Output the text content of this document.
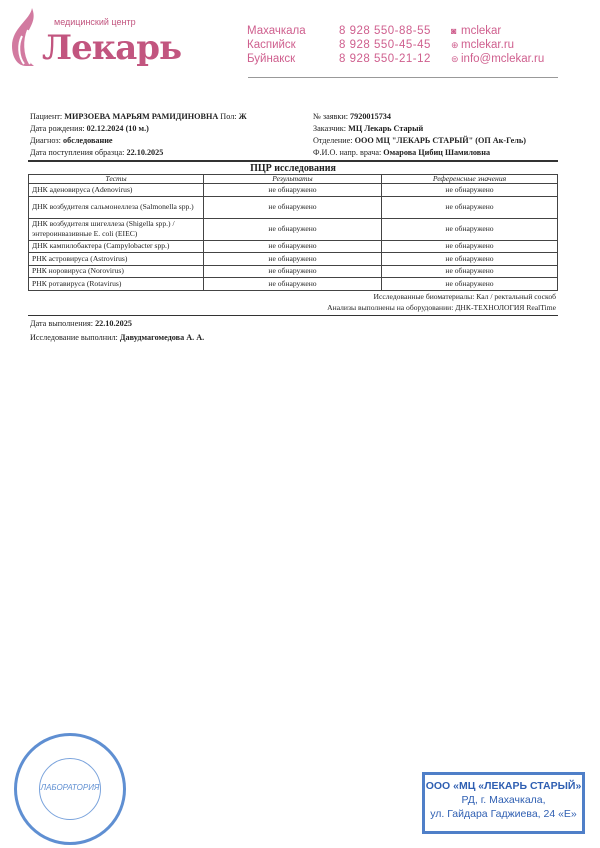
медицинский центр
Лекарь	Махачкала	8 928 550-88-55	◙ mclekar
Каспийск	8 928 550-45-45	⊕ mclekar.ru
Буйнакск	8 928 550-21-12	⊜ info@mclekar.ru
Пациент: МИРЗОЕВА МАРЬЯМ РАМИДИНОВНА Пол: Ж
Дата рождения: 02.12.2024 (10 м.)
Диагноз: обследование
Дата поступления образца: 22.10.2025
№ заявки: 7920015734
Заказчик: МЦ Лекарь Старый
Отделение: ООО МЦ "ЛЕКАРЬ СТАРЫЙ" (ОП Ак-Гель)
Ф.И.О. напр. врача: Омарова Цибиц Шамиловна
ПЦР исследования
Тесты	Результаты	Референсные значения
ДНК аденовируса (Adenovirus)	не обнаружено	не обнаружено
ДНК возбудителя сальмонеллеза (Salmonella spp.)	не обнаружено	не обнаружено
ДНК возбудителя шигеллеза (Shigella spp.) / энтероинвазивные E. coli (EIEC)	не обнаружено	не обнаружено
ДНК кампилобактера (Campylobacter spp.)	не обнаружено	не обнаружено
РНК астровируса (Astrovirus)	не обнаружено	не обнаружено
РНК норовируса (Norovirus)	не обнаружено	не обнаружено
РНК ротавируса (Rotavirus)	не обнаружено	не обнаружено
Исследованные биоматериалы: Кал / ректальный соскоб
Анализы выполнены на оборудовании: ДНК-ТЕХНОЛОГИЯ RealTime
Дата выполнения: 22.10.2025
Исследование выполнил: Давудмагомедова А. А.
ЛАБОРАТОРИЯ	ООО «МЦ «ЛЕКАРЬ СТАРЫЙ»
РД, г. Махачкала,
ул. Гайдара Гаджиева, 24 «Е»
